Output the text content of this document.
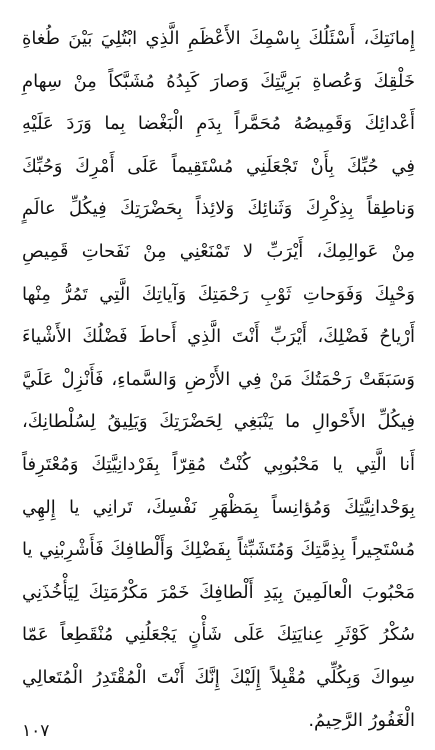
إِمانَتِكَ، أَسْئَلُكَ بِاسْمِكَ الأَعْظَمِ الَّذِي ابْتُلِيَ بَيْنَ طُغاةِ
خَلْقِكَ وَعُصاةِ بَرِيَّتِكَ وَصارَ كَبِدُهُ مُشَبَّكاً مِنْ سِهامِ
أَعْدائِكَ وَقَمِيصُهُ مُحَمَّراً بِدَمِ الْبَغْضا بِما وَرَدَ عَلَيْهِ
فِي حُبِّكَ بِأَنْ تَجْعَلَنِي مُسْتَقِيماً عَلَى أَمْرِكَ وَحُبِّكَ
وَناطِقاً بِذِكْرِكَ وَثَنائِكَ وَلائِذاً بِحَضْرَتِكَ فِيكُلِّ عالَمٍ
مِنْ عَوالِمِكَ، أَيْرَبِّ لا تَمْنَعْنِي مِنْ نَفَحاتِ قَمِيصِ
وَحْيِكَ وَفَوَحاتِ ثَوْبِ رَحْمَتِكَ وَآياتِكَ الَّتِي تَمُرُّ مِنْها
أَرْياحُ فَضْلِكَ، أَيْرَبِّ أَنْتَ الَّذِي أَحاطَ فَضْلُكَ الأَشْياءَ
وَسَبَقَتْ رَحْمَتُكَ مَنْ فِي الأَرْضِ وَالسَّماءِ، فَأَنْزِلْ عَلَيَّ
فِيكُلِّ الأَحْوالِ ما يَنْبَغِي لِحَضْرَتِكَ وَيَلِيقُ لِسُلْطانِكَ،
أَنا الَّتِي يا مَحْبُوبِي كُنْتُ مُقِرّاً بِفَرْدانِيَّتِكَ وَمُعْتَرِفاً
بِوَحْدانِيَّتِكَ وَمُؤانِساً بِمَظْهَرِ نَفْسِكَ، تَرانِي يا إِلهِي
مُسْتَجِيراً بِذِمَّتِكَ وَمُتَشَبِّثاً بِفَضْلِكَ وَأَلْطافِكَ فَأَشْرِبْنِي يا
مَحْبُوبَ الْعالَمِينَ بِيَدِ أَلْطافِكَ خَمْرَ مَكْرُمَتِكَ لِيَأْخُذَنِي
سُكْرُ كَوْثَرِ عِنايَتِكَ عَلَى شَأْنٍ يَجْعَلُنِي مُنْقَطِعاً عَمّا
سِواكَ وَبِكُلِّي مُقْبِلاً إِلَيْكَ إِنَّكَ أَنْتَ الْمُقْتَدِرُ الْمُتَعالِي
الْغَفُورُ الرَّحِيمُ.
١٠٧
